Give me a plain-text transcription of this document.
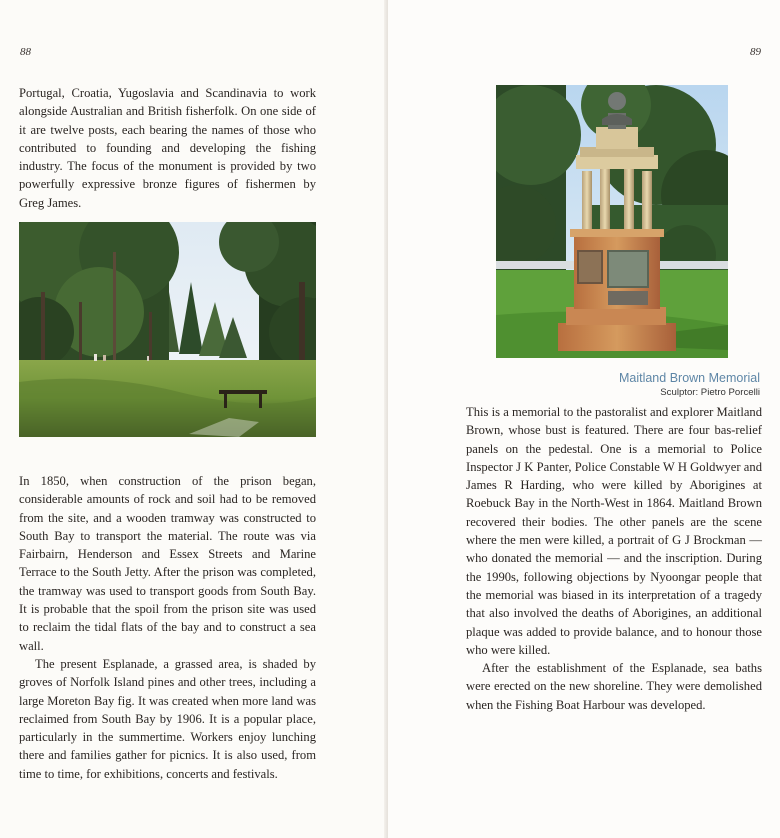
88

Portugal, Croatia, Yugoslavia and Scandinavia to work alongside Australian and British fisherfolk. On one side of it are twelve posts, each bearing the names of those who contributed to founding and developing the fishing industry. The focus of the monument is provided by two powerfully expressive bronze figures of fishermen by Greg James.

In 1850, when construction of the prison began, considerable amounts of rock and soil had to be removed from the site, and a wooden tramway was constructed to South Bay to transport the material. The route was via Fairbairn, Henderson and Essex Streets and Marine Terrace to the South Jetty. After the prison was completed, the tramway was used to transport goods from South Bay. It is probable that the spoil from the prison site was used to reclaim the tidal flats of the bay and to construct a sea wall.

The present Esplanade, a grassed area, is shaded by groves of Norfolk Island pines and other trees, including a large Moreton Bay fig. It was created when more land was reclaimed from South Bay by 1906. It is a popular place, particularly in the summertime. Workers enjoy lunching there and families gather for picnics. It is also used, from time to time, for exhibitions, concerts and festivals.

89
Maitland Brown Memorial
Sculptor: Pietro Porcelli

This is a memorial to the pastoralist and explorer Maitland Brown, whose bust is featured. There are four bas-relief panels on the pedestal. One is a memorial to Police Inspector J K Panter, Police Constable W H Goldwyer and James R Harding, who were killed by Aborigines at Roebuck Bay in the North-West in 1864. Maitland Brown recovered their bodies. The other panels are the scene where the men were killed, a portrait of G J Brockman — who donated the memorial — and the inscription. During the 1990s, following objections by Nyoongar people that the memorial was biased in its interpretation of a tragedy that also involved the deaths of Aborigines, an additional plaque was added to provide balance, and to honour those who were killed.

After the establishment of the Esplanade, sea baths were erected on the new shoreline. They were demolished when the Fishing Boat Harbour was developed.
